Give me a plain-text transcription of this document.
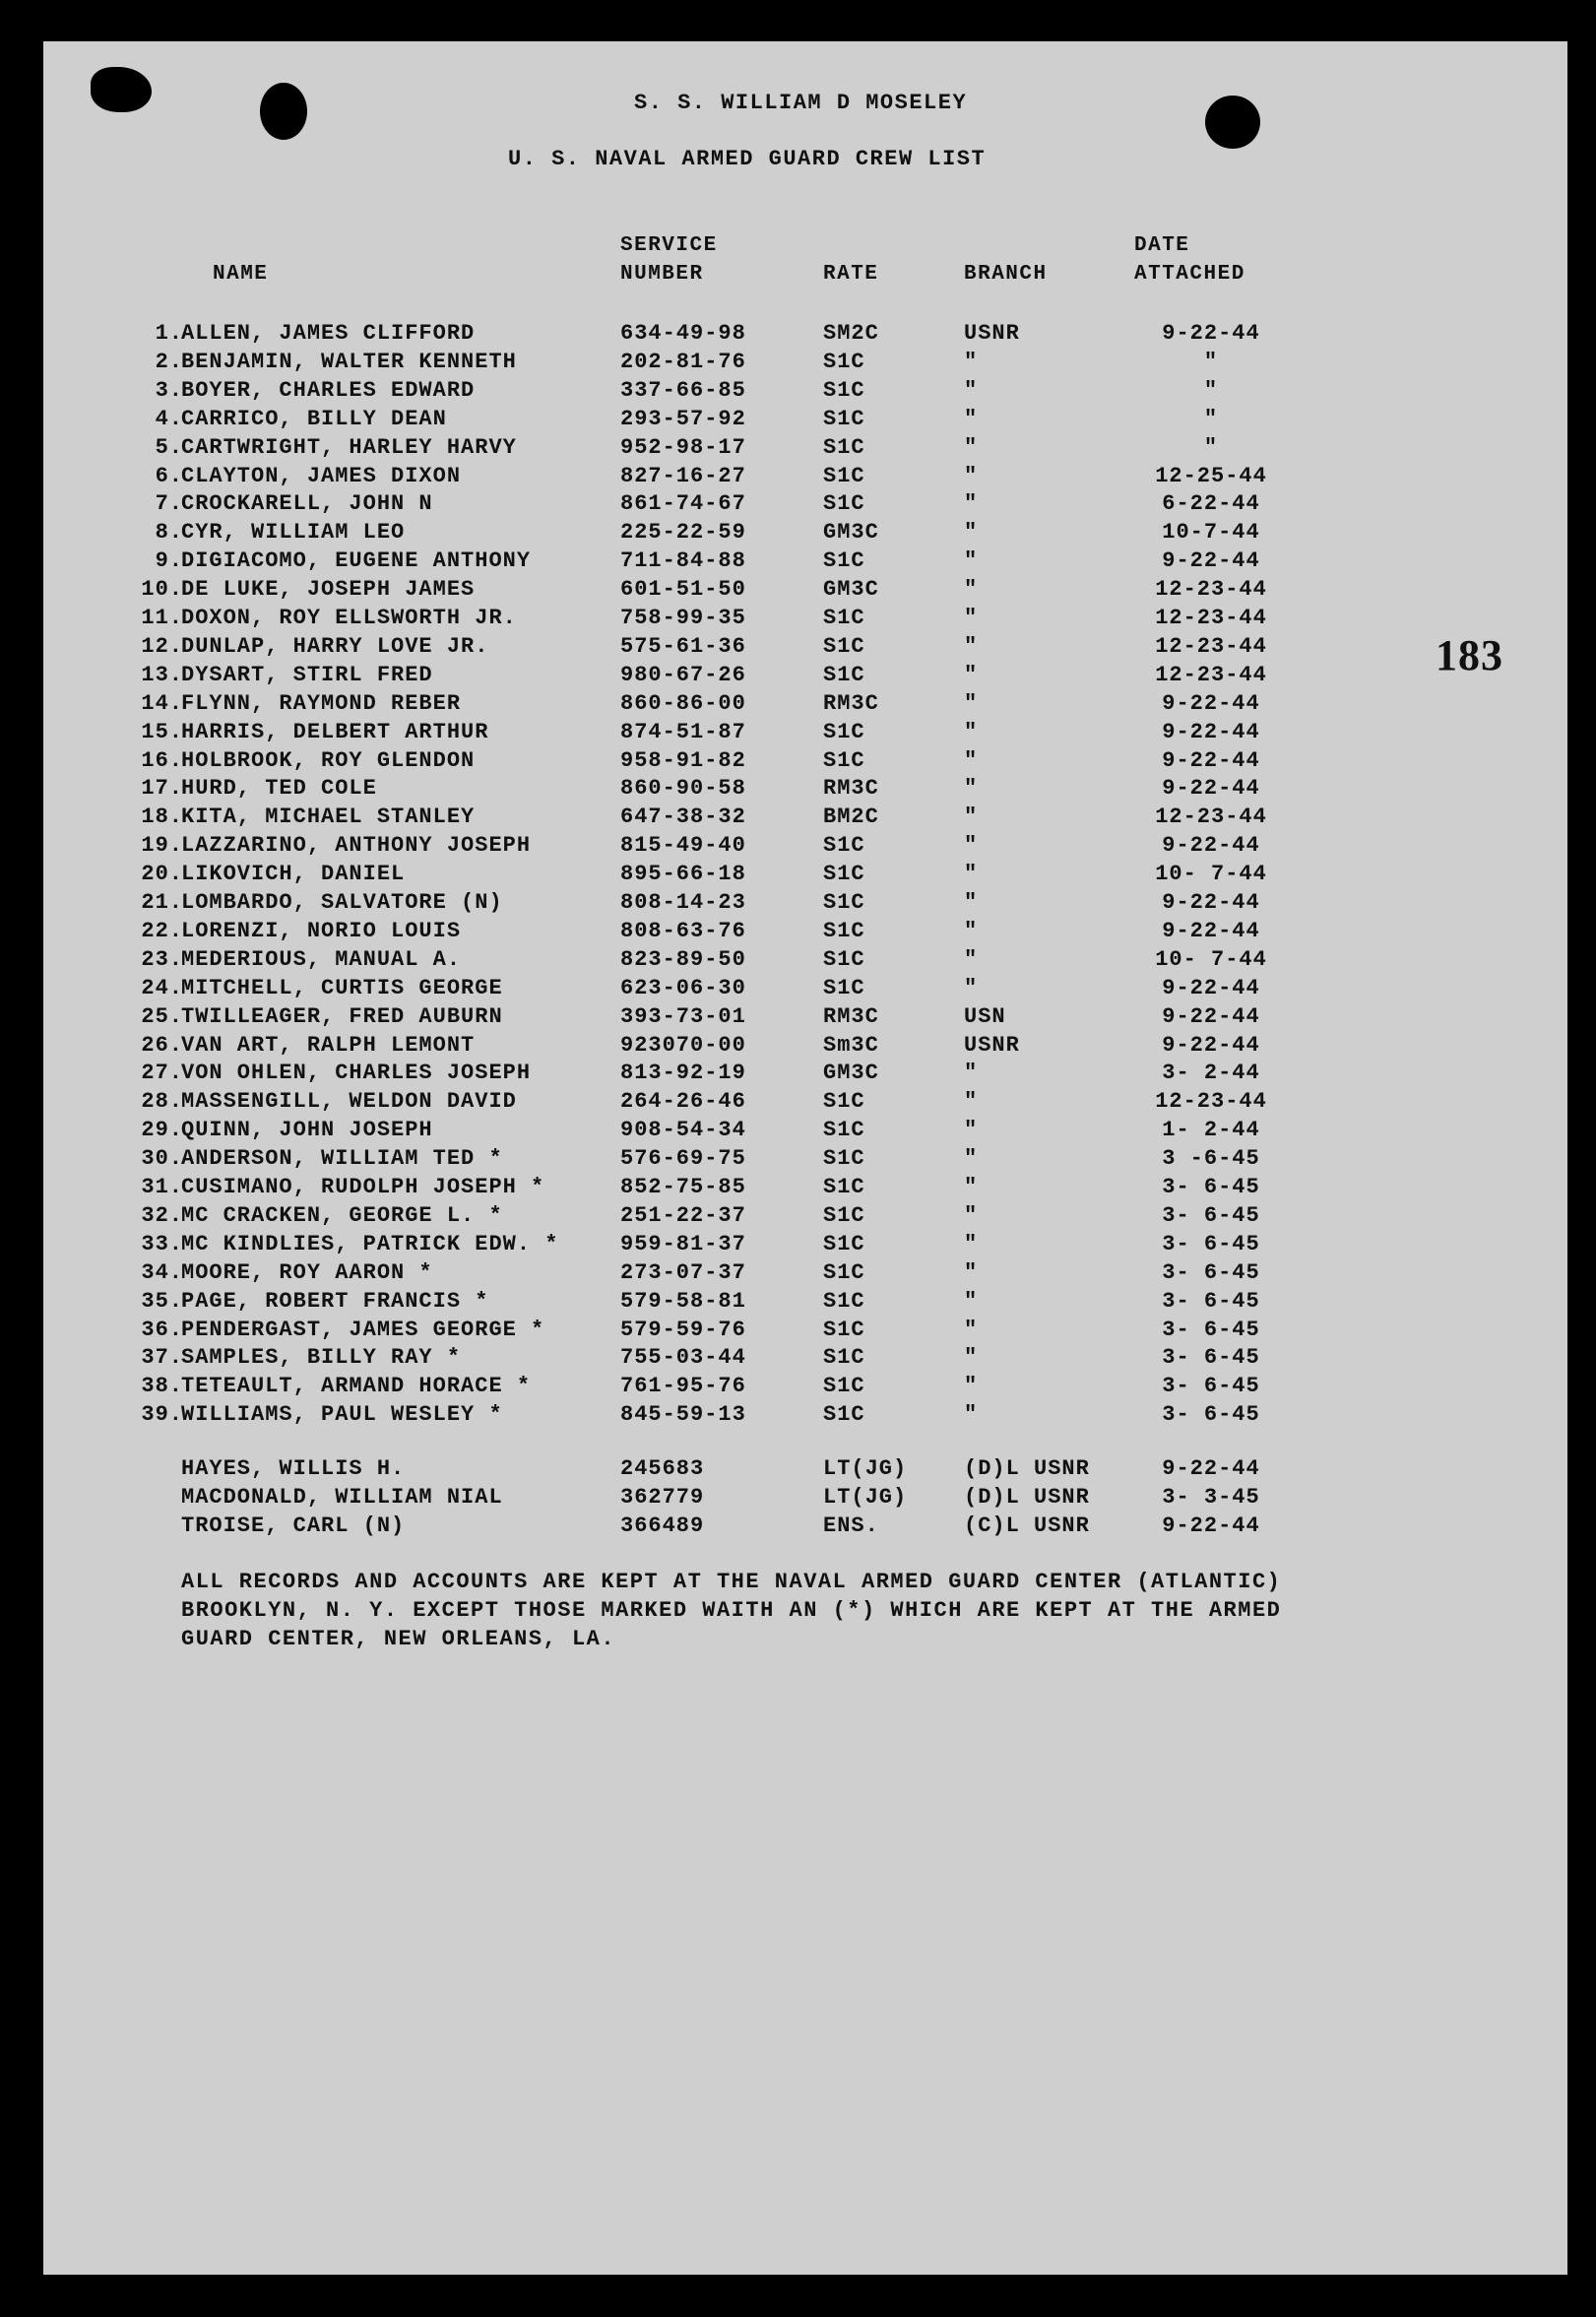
S. S. WILLIAM D MOSELEY
U. S. NAVAL ARMED GUARD CREW LIST
SERVICE	DATE
NAME	NUMBER	RATE	BRANCH	ATTACHED
183
1.
ALLEN, JAMES CLIFFORD	634-49-98	SM2C	USNR	9-22-44
2.
BENJAMIN, WALTER KENNETH	202-81-76	S1C	"	"
3.
BOYER, CHARLES EDWARD	337-66-85	S1C	"	"
4.
CARRICO, BILLY DEAN	293-57-92	S1C	"	"
5.
CARTWRIGHT, HARLEY HARVY	952-98-17	S1C	"	"
6.
CLAYTON, JAMES DIXON	827-16-27	S1C	"	12-25-44
7.
CROCKARELL, JOHN N	861-74-67	S1C	"	6-22-44
8.
CYR, WILLIAM LEO	225-22-59	GM3C	"	10-7-44
9.
DIGIACOMO, EUGENE ANTHONY	711-84-88	S1C	"	9-22-44
10.
DE LUKE, JOSEPH JAMES	601-51-50	GM3C	"	12-23-44
11.
DOXON, ROY ELLSWORTH JR.	758-99-35	S1C	"	12-23-44
12.
DUNLAP, HARRY LOVE JR.	575-61-36	S1C	"	12-23-44
13.
DYSART, STIRL FRED	980-67-26	S1C	"	12-23-44
14.
FLYNN, RAYMOND REBER	860-86-00	RM3C	"	9-22-44
15.
HARRIS, DELBERT ARTHUR	874-51-87	S1C	"	9-22-44
16.
HOLBROOK, ROY GLENDON	958-91-82	S1C	"	9-22-44
17.
HURD, TED COLE	860-90-58	RM3C	"	9-22-44
18.
KITA, MICHAEL STANLEY	647-38-32	BM2C	"	12-23-44
19.
LAZZARINO, ANTHONY JOSEPH	815-49-40	S1C	"	9-22-44
20.
LIKOVICH, DANIEL	895-66-18	S1C	"	10- 7-44
21.
LOMBARDO, SALVATORE (N)	808-14-23	S1C	"	9-22-44
22.
LORENZI, NORIO LOUIS	808-63-76	S1C	"	9-22-44
23.
MEDERIOUS, MANUAL A.	823-89-50	S1C	"	10- 7-44
24.
MITCHELL, CURTIS GEORGE	623-06-30	S1C	"	9-22-44
25.
TWILLEAGER, FRED AUBURN	393-73-01	RM3C	USN	9-22-44
26.
VAN ART, RALPH LEMONT	923070-00	Sm3C	USNR	9-22-44
27.
VON OHLEN, CHARLES JOSEPH	813-92-19	GM3C	"	3- 2-44
28.
MASSENGILL, WELDON DAVID	264-26-46	S1C	"	12-23-44
29.
QUINN, JOHN JOSEPH	908-54-34	S1C	"	1- 2-44
30.
ANDERSON, WILLIAM TED *	576-69-75	S1C	"	3 -6-45
31.
CUSIMANO, RUDOLPH JOSEPH *	852-75-85	S1C	"	3- 6-45
32.
MC CRACKEN, GEORGE L. *	251-22-37	S1C	"	3- 6-45
33.
MC KINDLIES, PATRICK EDW. *	959-81-37	S1C	"	3- 6-45
34.
MOORE, ROY AARON *	273-07-37	S1C	"	3- 6-45
35.
PAGE, ROBERT FRANCIS *	579-58-81	S1C	"	3- 6-45
36.
PENDERGAST, JAMES GEORGE *	579-59-76	S1C	"	3- 6-45
37.
SAMPLES, BILLY RAY *	755-03-44	S1C	"	3- 6-45
38.
TETEAULT, ARMAND HORACE *	761-95-76	S1C	"	3- 6-45
39.
WILLIAMS, PAUL WESLEY *	845-59-13	S1C	"	3- 6-45
HAYES, WILLIS H.	245683	LT(JG)	(D)L USNR	9-22-44
MACDONALD, WILLIAM NIAL	362779	LT(JG)	(D)L USNR	3- 3-45
TROISE, CARL (N)	366489	ENS.	(C)L USNR	9-22-44
ALL RECORDS AND ACCOUNTS ARE KEPT AT THE NAVAL ARMED GUARD CENTER (ATLANTIC)
BROOKLYN, N. Y. EXCEPT THOSE MARKED WAITH AN (*) WHICH ARE KEPT AT THE ARMED
GUARD CENTER, NEW ORLEANS, LA.
